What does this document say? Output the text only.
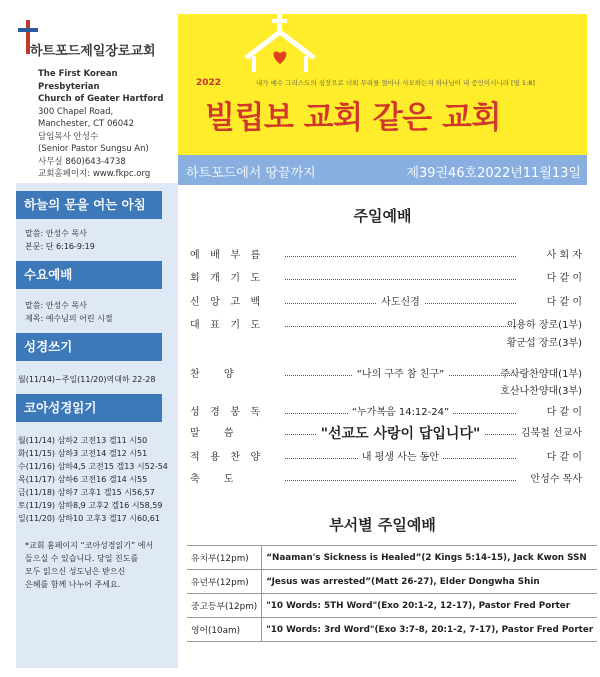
하트포드제일장로교회
The First Korean Presbyterian
Church of Geater Hartford
300 Chapel Road,
Manchester, CT 06042
담임목사 안성수
(Senior Pastor Sungsu An)
사무실 860)643-4738
교회홈페이지: www.fkpc.org
하늘의 문을 여는 아침
말씀: 안성수 목사
본문: 단 6:16-9:19
수요예배
말씀: 안성수 목사
제목: 예수님의 어린 시절
성경쓰기
월(11/14)~주일(11/20)역대하 22-28
코아성경읽기
월(11/14) 삼하2 고전13 겔11 시50
화(11/15) 삼하3 고전14 겔12 시51
수(11/16) 삼하4,5 고전15 겔13 시52-54
목(11/17) 삼하6 고전16 겔14 시55
금(11/18) 삼하7 고후1 겔15 시56,57
토(11/19) 삼하8,9 고후2 겔16 시58,59
일(11/20) 삼하10 고후3 겔17 시60,61
*교회 홈페이지 “코아성경읽기” 에서
들으실 수 있습니다. 당일 진도를
모두 읽으신 성도님은 받으신
은혜를 함께 나누어 주세요.
2022	내가 예수 그리스도의 심장으로 너희 무리를 얼마나 사모하는지 하나님이 내 증인이시니라 [빌 1:8]
빌립보 교회 같은 교회
하트포드에서 땅끝까지	제39권46호2022년11월13일
주일예배
예배부름	사 회 자
회개기도	다 같 이
신앙고백	사도신경	다 같 이
대표기도	이용하 장로(1부)
황군섭 장로(3부)
찬 양	“나의 구주 참 친구”	주사랑찬양대(1부)
호산나찬양대(3부)
성경봉독	“누가복음 14:12-24”	다 같 이
말 씀	"선교도 사랑이 답입니다"	김북철 선교사
적용찬양	내 평생 사는 동안	다 같 이
축 도	안성수 목사
부서별 주일예배
유치부(12pm)	“Naaman's Sickness is Healed”(2 Kings 5:14-15), Jack Kwon SSN
유년부(12pm)	“Jesus was arrested”(Matt 26-27), Elder Dongwha Shin
중고등부(12pm)	"10 Words: 5TH Word"(Exo 20:1-2, 12-17), Pastor Fred Porter
영어(10am)	"10 Words: 3rd Word"(Exo 3:7-8, 20:1-2, 7-17), Pastor Fred Porter
